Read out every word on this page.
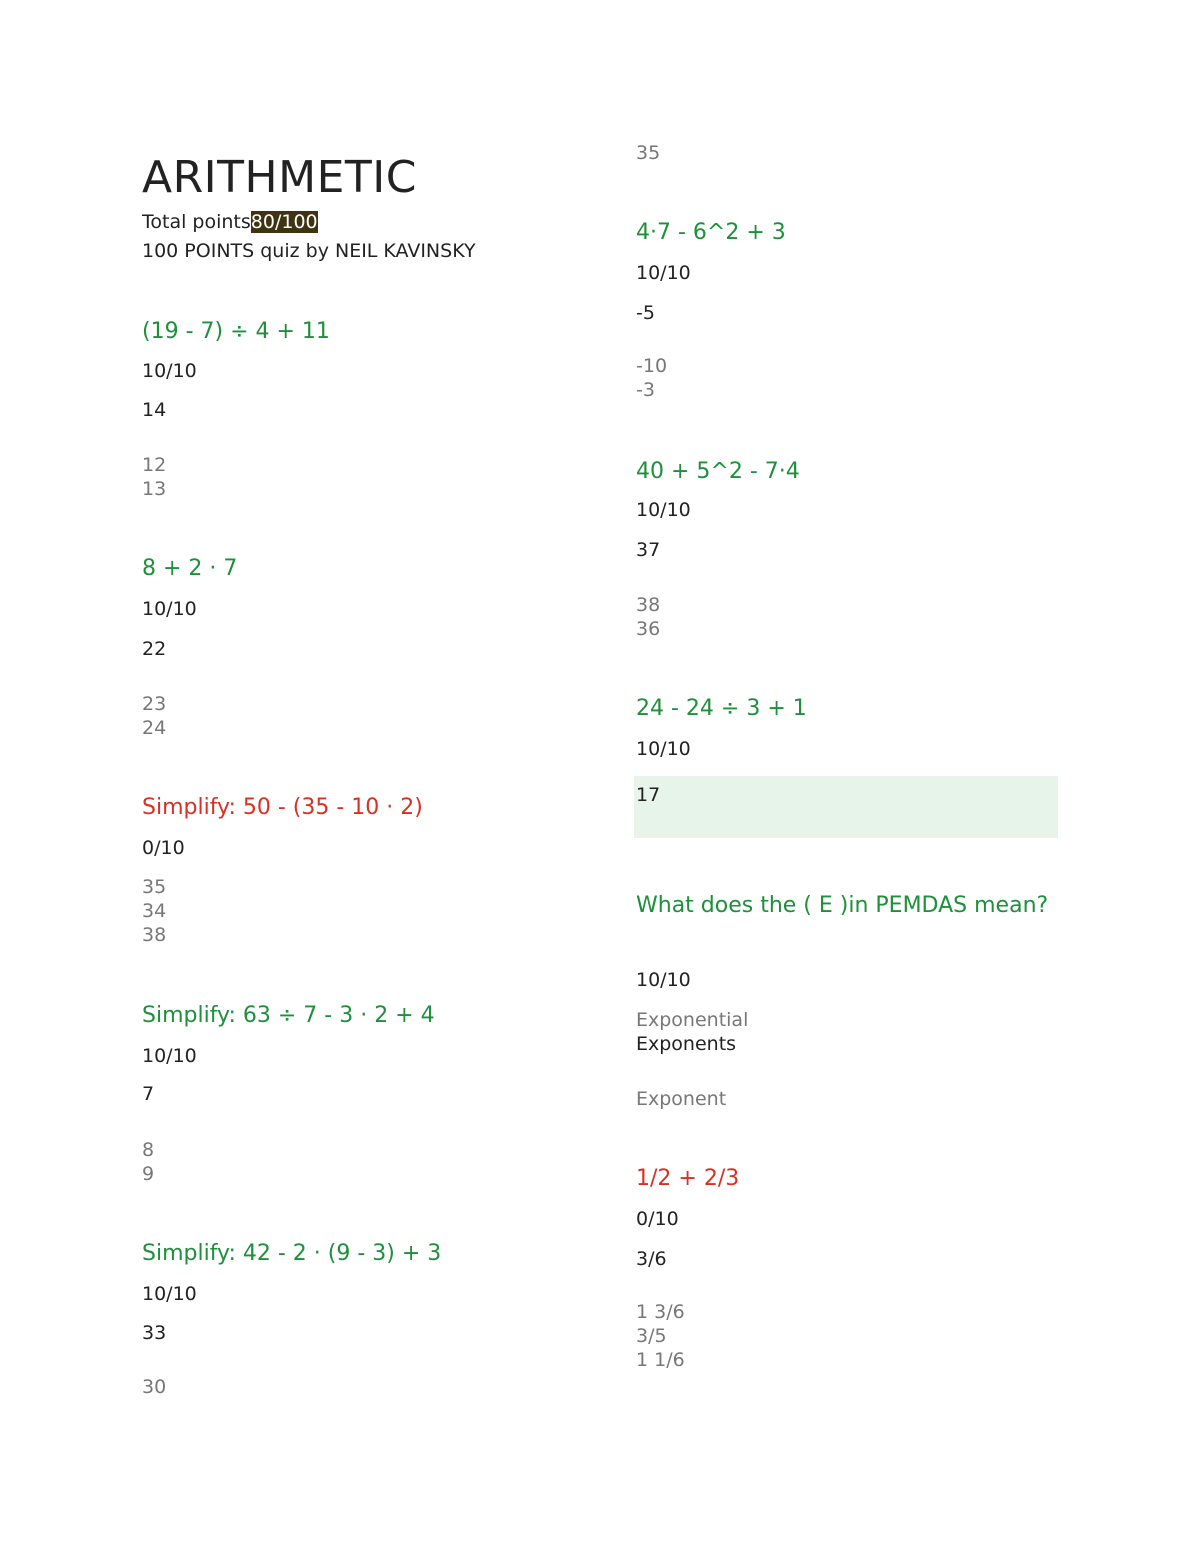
ARITHMETIC
Total points80/100
100 POINTS quiz by NEIL KAVINSKY
(19 - 7) ÷ 4 + 11
10/10
14
12
13
8 + 2 · 7
10/10
22
23
24
Simplify: 50 - (35 - 10 · 2)
0/10
35
34
38
Simplify: 63 ÷ 7 - 3 · 2 + 4
10/10
7
8
9
Simplify: 42 - 2 · (9 - 3) + 3
10/10
33
30
35
4·7 - 6^2 + 3
10/10
-5
-10
-3
40 + 5^2 - 7·4
10/10
37
38
36
24 - 24 ÷ 3 + 1
10/10
17
What does the ( E )in PEMDAS mean?
10/10
Exponential
Exponents
Exponent
1/2 + 2/3
0/10
3/6
1 3/6
3/5
1 1/6
